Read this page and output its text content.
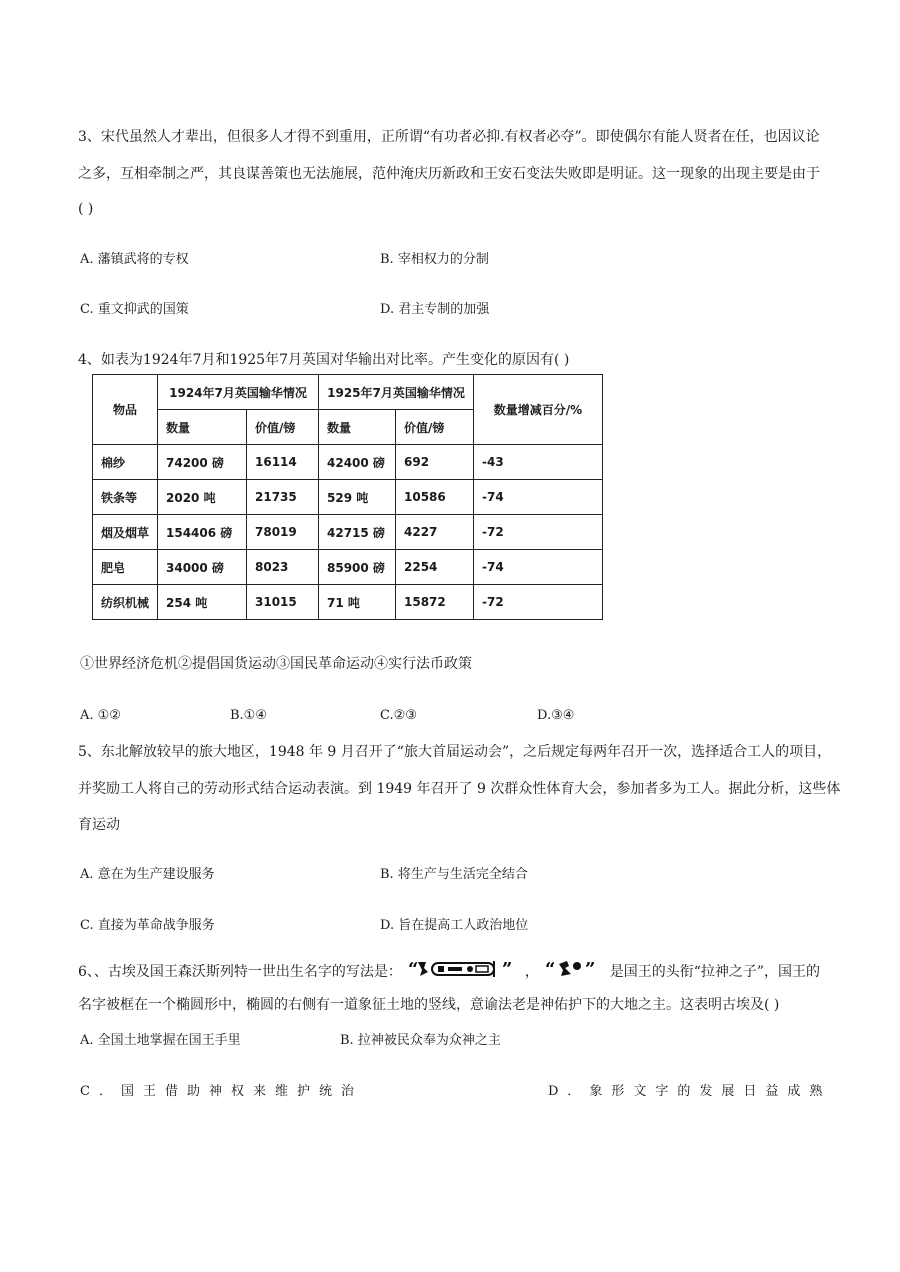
3、宋代虽然人才辈出，但很多人才得不到重用，正所谓“有功者必抑.有权者必夺”。即使偶尔有能人贤者在任，也因议论
之多，互相牵制之严，其良谋善策也无法施展，范仲淹庆历新政和王安石变法失败即是明证。这一现象的出现主要是由于
( )
A. 藩镇武将的专权	B. 宰相权力的分制
C. 重文抑武的国策	D. 君主专制的加强
4、如表为1924年7月和1925年7月英国对华输出对比率。产生变化的原因有( )
物品	1924年7月英国输华情况		1925年7月英国输华情况		数量增减百分/%
	数量	价值/镑	数量	价值/镑	
棉纱	74200 磅	16114	42400 磅	692	-43
铁条等	2020 吨	21735	529 吨	10586	-74
烟及烟草	154406 磅	78019	42715 磅	4227	-72
肥皂	34000 磅	8023	85900 磅	2254	-74
纺织机械	254 吨	31015	71 吨	15872	-72
①世界经济危机②提倡国货运动③国民革命运动④实行法币政策
A. ①②	B.①④	C.②③	D.③④
5、东北解放较早的旅大地区，1948 年 9 月召开了“旅大首届运动会”，之后规定每两年召开一次，选择适合工人的项目，
并奖励工人将自己的劳动形式结合运动表演。到 1949 年召开了 9 次群众性体育大会，参加者多为工人。据此分析，这些体
育运动
A. 意在为生产建设服务	B. 将生产与生活完全结合
C. 直接为革命战争服务	D. 旨在提高工人政治地位
6、、古埃及国王森沃斯列特一世出生名字的写法是： “	” ， “ ” 是国王的头衔“拉神之子”，国王的
名字被框在一个椭圆形中，椭圆的右侧有一道象征土地的竖线，意谕法老是神佑护下的大地之主。这表明古埃及( )
A. 全国土地掌握在国王手里	B. 拉神被民众奉为众神之主
C．国王借助神权来维护统治	D．象形文字的发展日益成熟
